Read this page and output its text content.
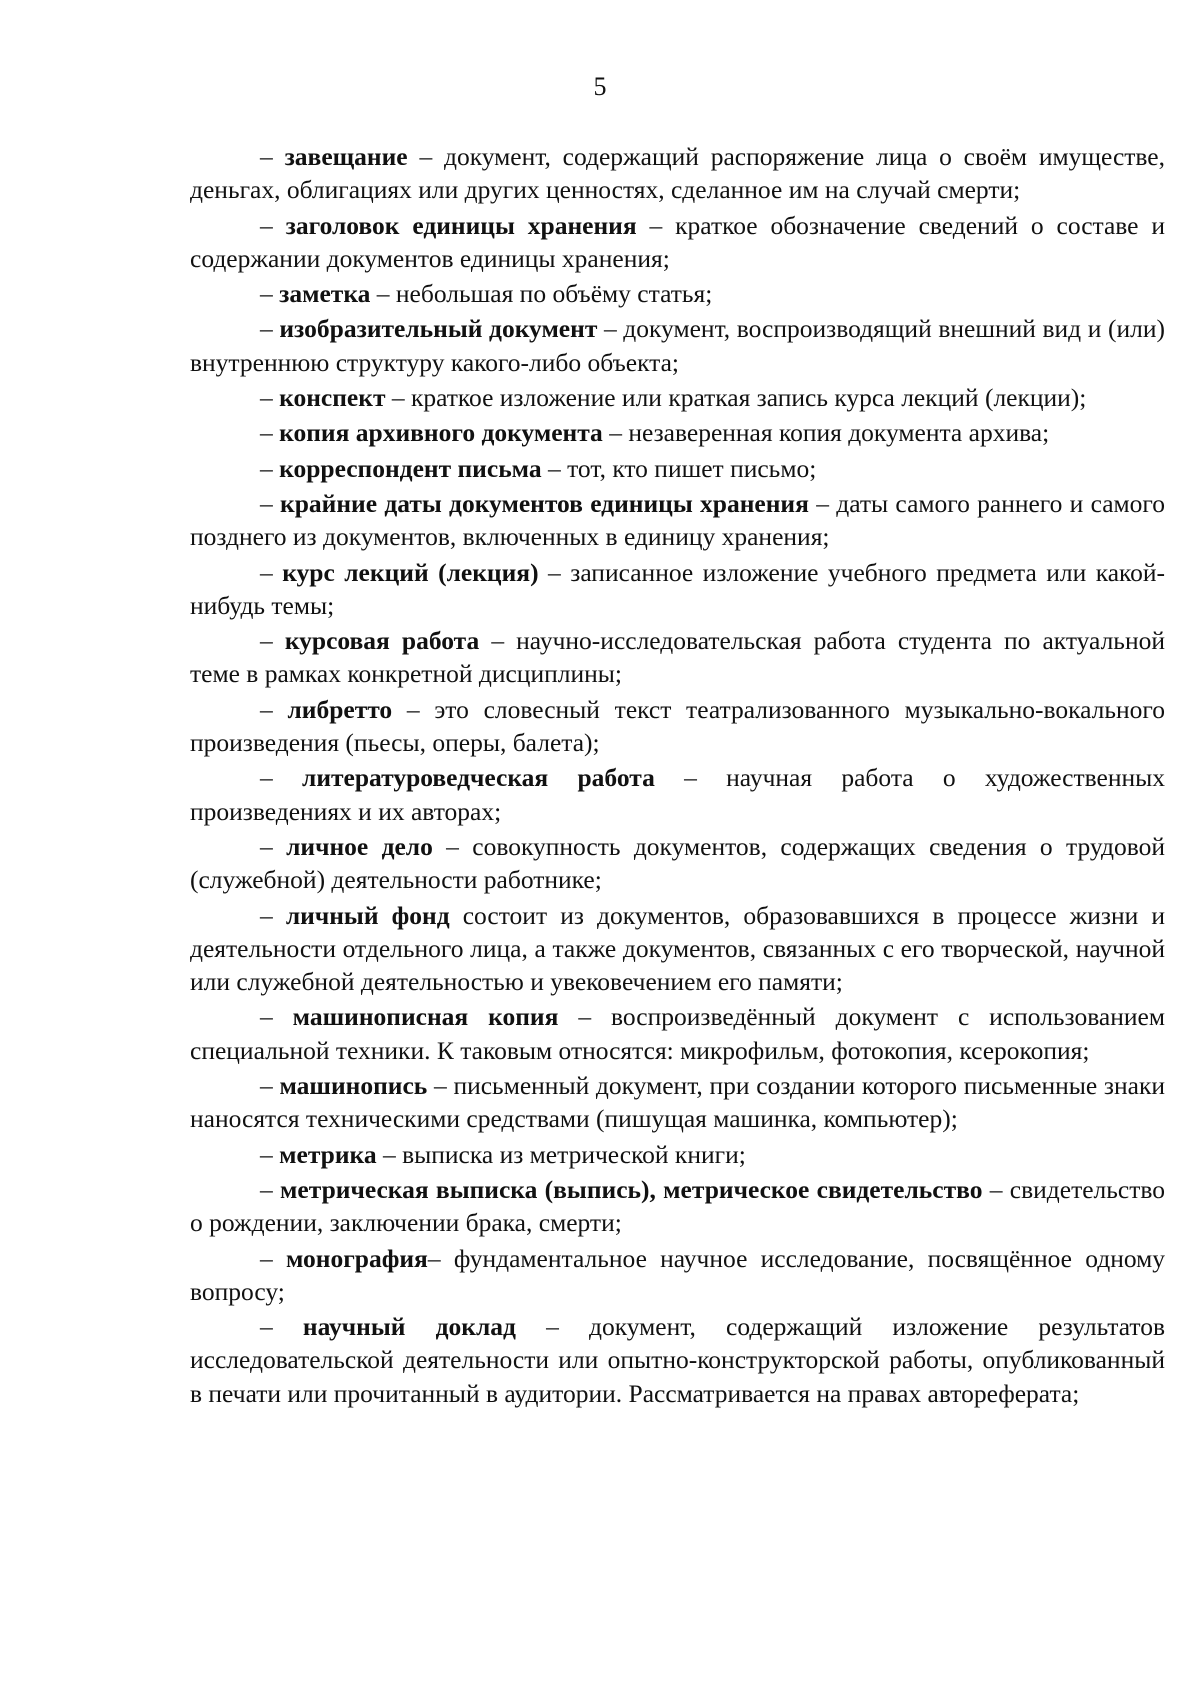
5

– завещание – документ, содержащий распоряжение лица о своём имуществе, деньгах, облигациях или других ценностях, сделанное им на случай смерти;

– заголовок единицы хранения – краткое обозначение сведений о составе и содержании документов единицы хранения;

– заметка – небольшая по объёму статья;

– изобразительный документ – документ, воспроизводящий внешний вид и (или) внутреннюю структуру какого-либо объекта;

– конспект – краткое изложение или краткая запись курса лекций (лекции);

– копия архивного документа – незаверенная копия документа архива;

– корреспондент письма – тот, кто пишет письмо;

– крайние даты документов единицы хранения – даты самого раннего и самого позднего из документов, включенных в единицу хранения;

– курс лекций (лекция) – записанное изложение учебного предмета или какой-нибудь темы;

– курсовая работа – научно-исследовательская работа студента по актуальной теме в рамках конкретной дисциплины;

– либретто – это словесный текст театрализованного музыкально-вокального произведения (пьесы, оперы, балета);

– литературоведческая работа – научная работа о художественных произведениях и их авторах;

– личное дело – совокупность документов, содержащих сведения о трудовой (служебной) деятельности работнике;

– личный фонд состоит из документов, образовавшихся в процессе жизни и деятельности отдельного лица, а также документов, связанных с его творческой, научной или служебной деятельностью и увековечением его памяти;

– машинописная копия – воспроизведённый документ с использованием специальной техники. К таковым относятся: микрофильм, фотокопия, ксерокопия;

– машинопись – письменный документ, при создании которого письменные знаки наносятся техническими средствами (пишущая машинка, компьютер);

– метрика – выписка из метрической книги;

– метрическая выписка (выпись), метрическое свидетельство – свидетельство о рождении, заключении брака, смерти;

– монография– фундаментальное научное исследование, посвящённое одному вопросу;

– научный доклад – документ, содержащий изложение результатов исследовательской деятельности или опытно-конструкторской работы, опубликованный в печати или прочитанный в аудитории. Рассматривается на правах автореферата;
